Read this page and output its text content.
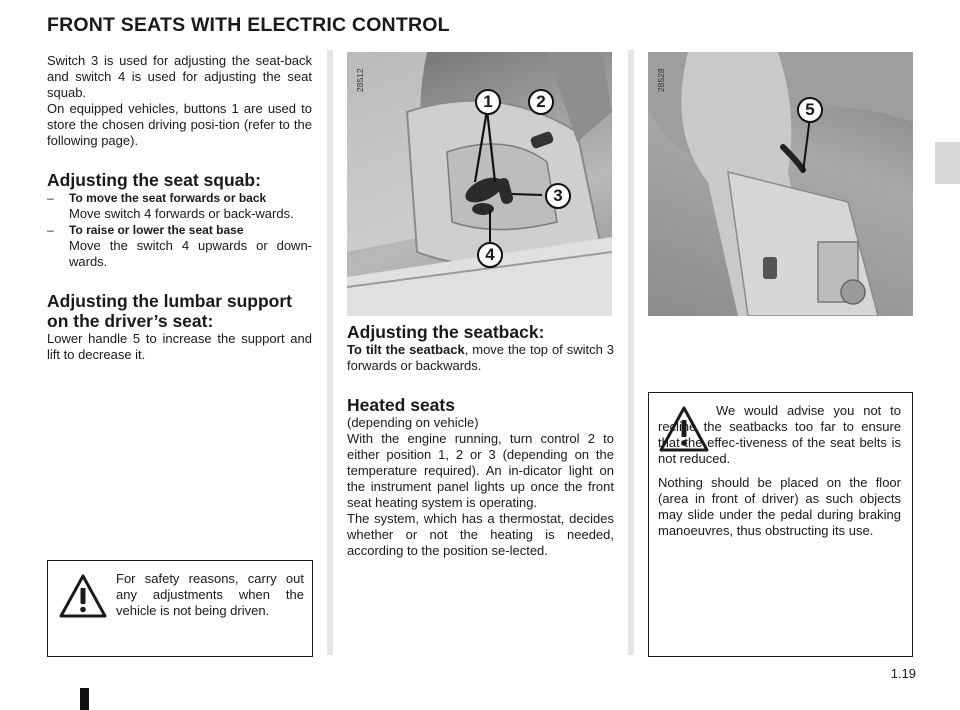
FRONT SEATS WITH ELECTRIC CONTROL

Switch 3 is used for adjusting the seat-back and switch 4 is used for adjusting the seat squab.

On equipped vehicles, buttons 1 are used to store the chosen driving posi-tion (refer to the following page).

Adjusting the seat squab:
–	To move the seat forwards or back
Move switch 4 forwards or back-wards.
–	To raise or lower the seat base
Move the switch 4 upwards or down-wards.
Adjusting the lumbar support on the driver’s seat:

Lower handle 5 to increase the support and lift to decrease it.

For safety reasons, carry out any adjustments when the vehicle is not being driven.

28512
1	2
3
4
Adjusting the seatback:

To tilt the seatback, move the top of switch 3 forwards or backwards.

Heated seats

(depending on vehicle)

With the engine running, turn control 2 to either position 1, 2 or 3 (depending on the temperature required). An in-dicator light on the instrument panel lights up once the front seat heating system is operating.

The system, which has a thermostat, decides whether or not the heating is needed, according to the position se-lected.

28528
5

We would advise you not to recline the seatbacks too far to ensure that the effec-tiveness of the seat belts is not reduced.

Nothing should be placed on the floor (area in front of driver) as such objects may slide under the pedal during braking manoeuvres, thus obstructing its use.

1.19
